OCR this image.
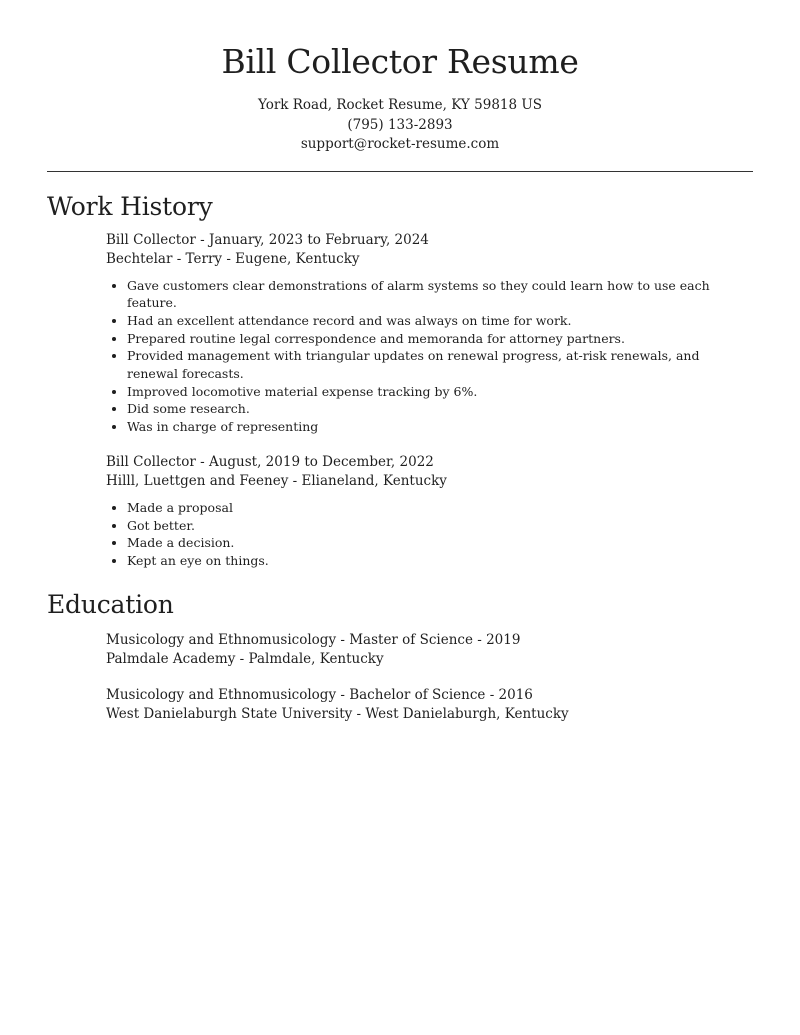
Bill Collector Resume
York Road, Rocket Resume, KY 59818 US
(795) 133-2893
support@rocket-resume.com
Work History
Bill Collector - January, 2023 to February, 2024
Bechtelar - Terry - Eugene, Kentucky
• Gave customers clear demonstrations of alarm systems so they could learn how to use each feature.
• Had an excellent attendance record and was always on time for work.
• Prepared routine legal correspondence and memoranda for attorney partners.
• Provided management with triangular updates on renewal progress, at-risk renewals, and renewal forecasts.
• Improved locomotive material expense tracking by 6%.
• Did some research.
• Was in charge of representing
Bill Collector - August, 2019 to December, 2022
Hilll, Luettgen and Feeney - Elianeland, Kentucky
• Made a proposal
• Got better.
• Made a decision.
• Kept an eye on things.
Education
Musicology and Ethnomusicology - Master of Science - 2019
Palmdale Academy - Palmdale, Kentucky
Musicology and Ethnomusicology - Bachelor of Science - 2016
West Danielaburgh State University - West Danielaburgh, Kentucky
